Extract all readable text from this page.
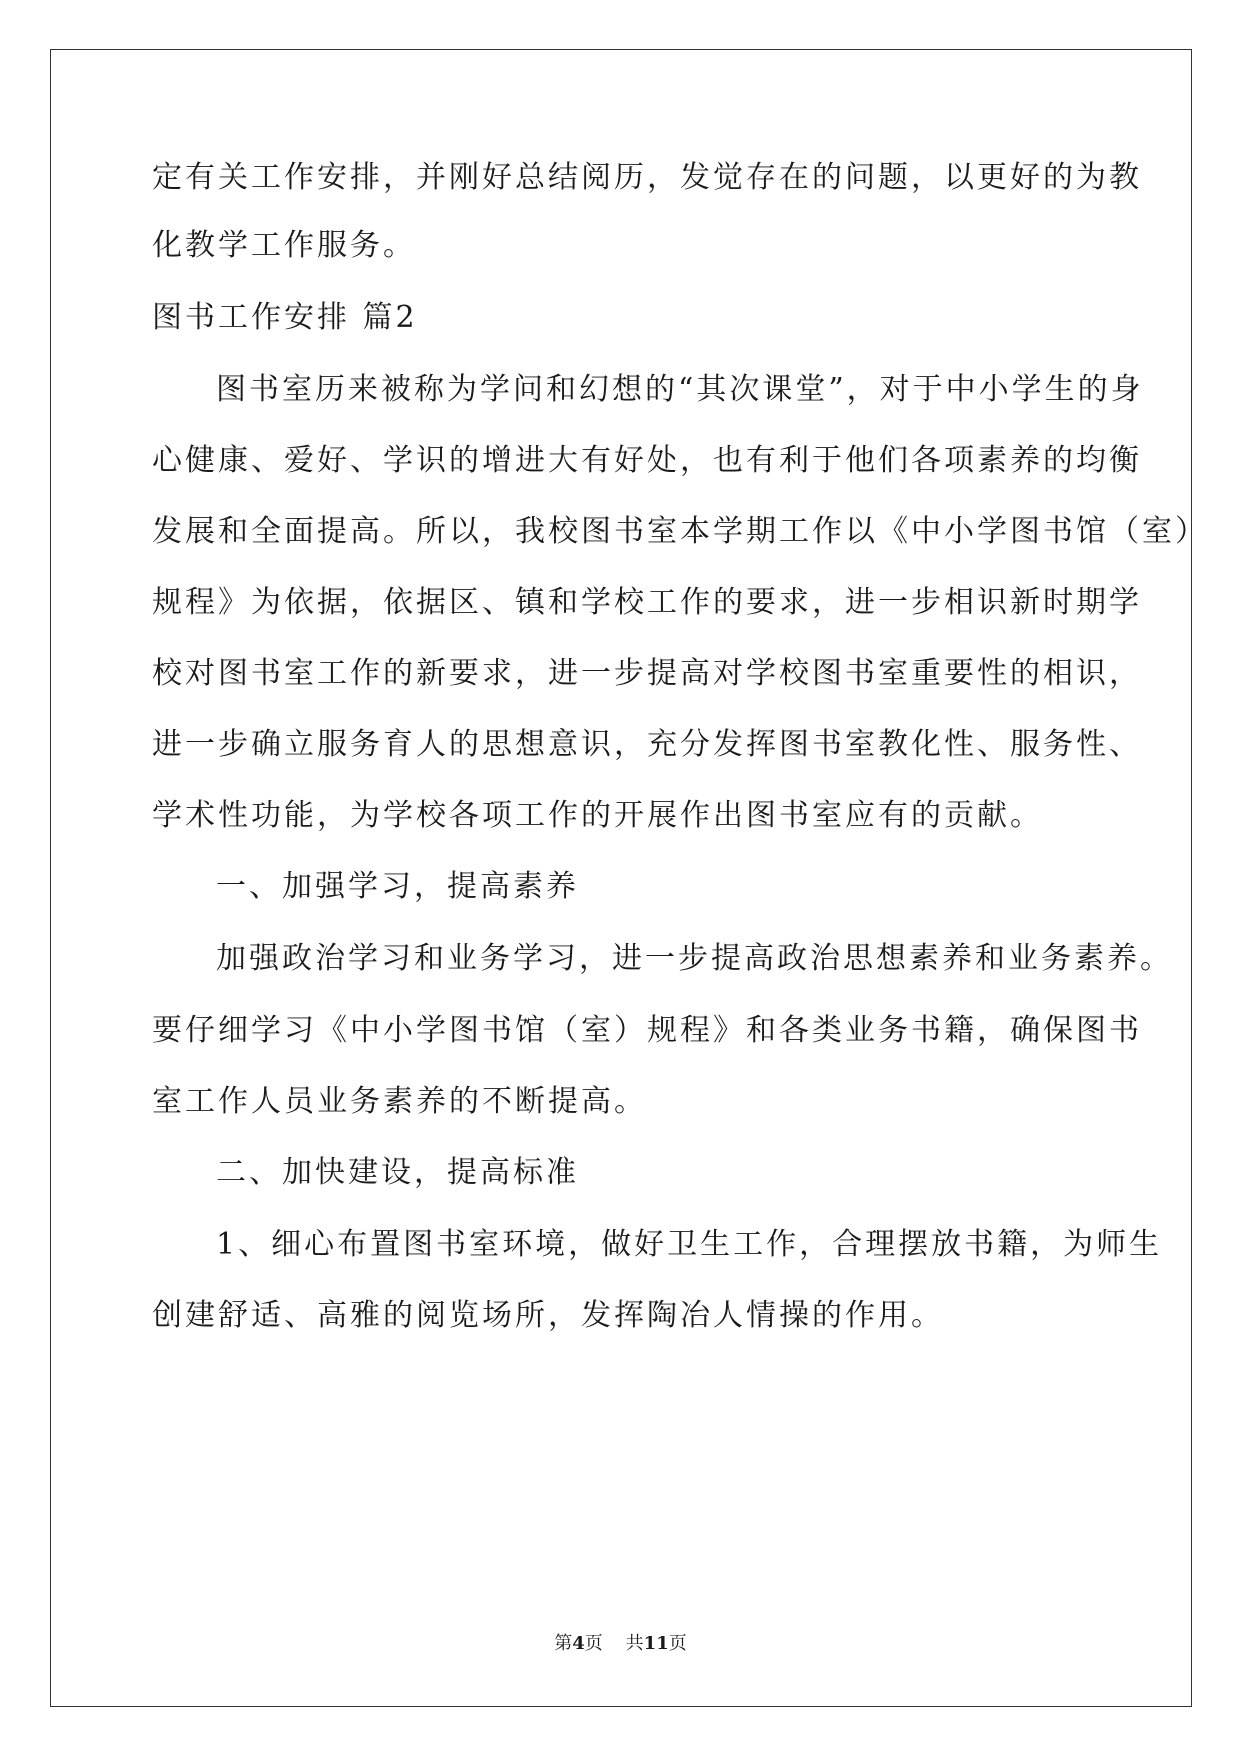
定有关工作安排，并刚好总结阅历，发觉存在的问题，以更好的为教
化教学工作服务。
图书工作安排 篇2
图书室历来被称为学问和幻想的“其次课堂”，对于中小学生的身
心健康、爱好、学识的增进大有好处，也有利于他们各项素养的均衡
发展和全面提高。所以，我校图书室本学期工作以《中小学图书馆（室）
规程》为依据，依据区、镇和学校工作的要求，进一步相识新时期学
校对图书室工作的新要求，进一步提高对学校图书室重要性的相识，
进一步确立服务育人的思想意识，充分发挥图书室教化性、服务性、
学术性功能，为学校各项工作的开展作出图书室应有的贡献。
一、加强学习，提高素养
加强政治学习和业务学习，进一步提高政治思想素养和业务素养。
要仔细学习《中小学图书馆（室）规程》和各类业务书籍，确保图书
室工作人员业务素养的不断提高。
二、加快建设，提高标准
1、细心布置图书室环境，做好卫生工作，合理摆放书籍，为师生
创建舒适、高雅的阅览场所，发挥陶冶人情操的作用。
第4页 共11页
